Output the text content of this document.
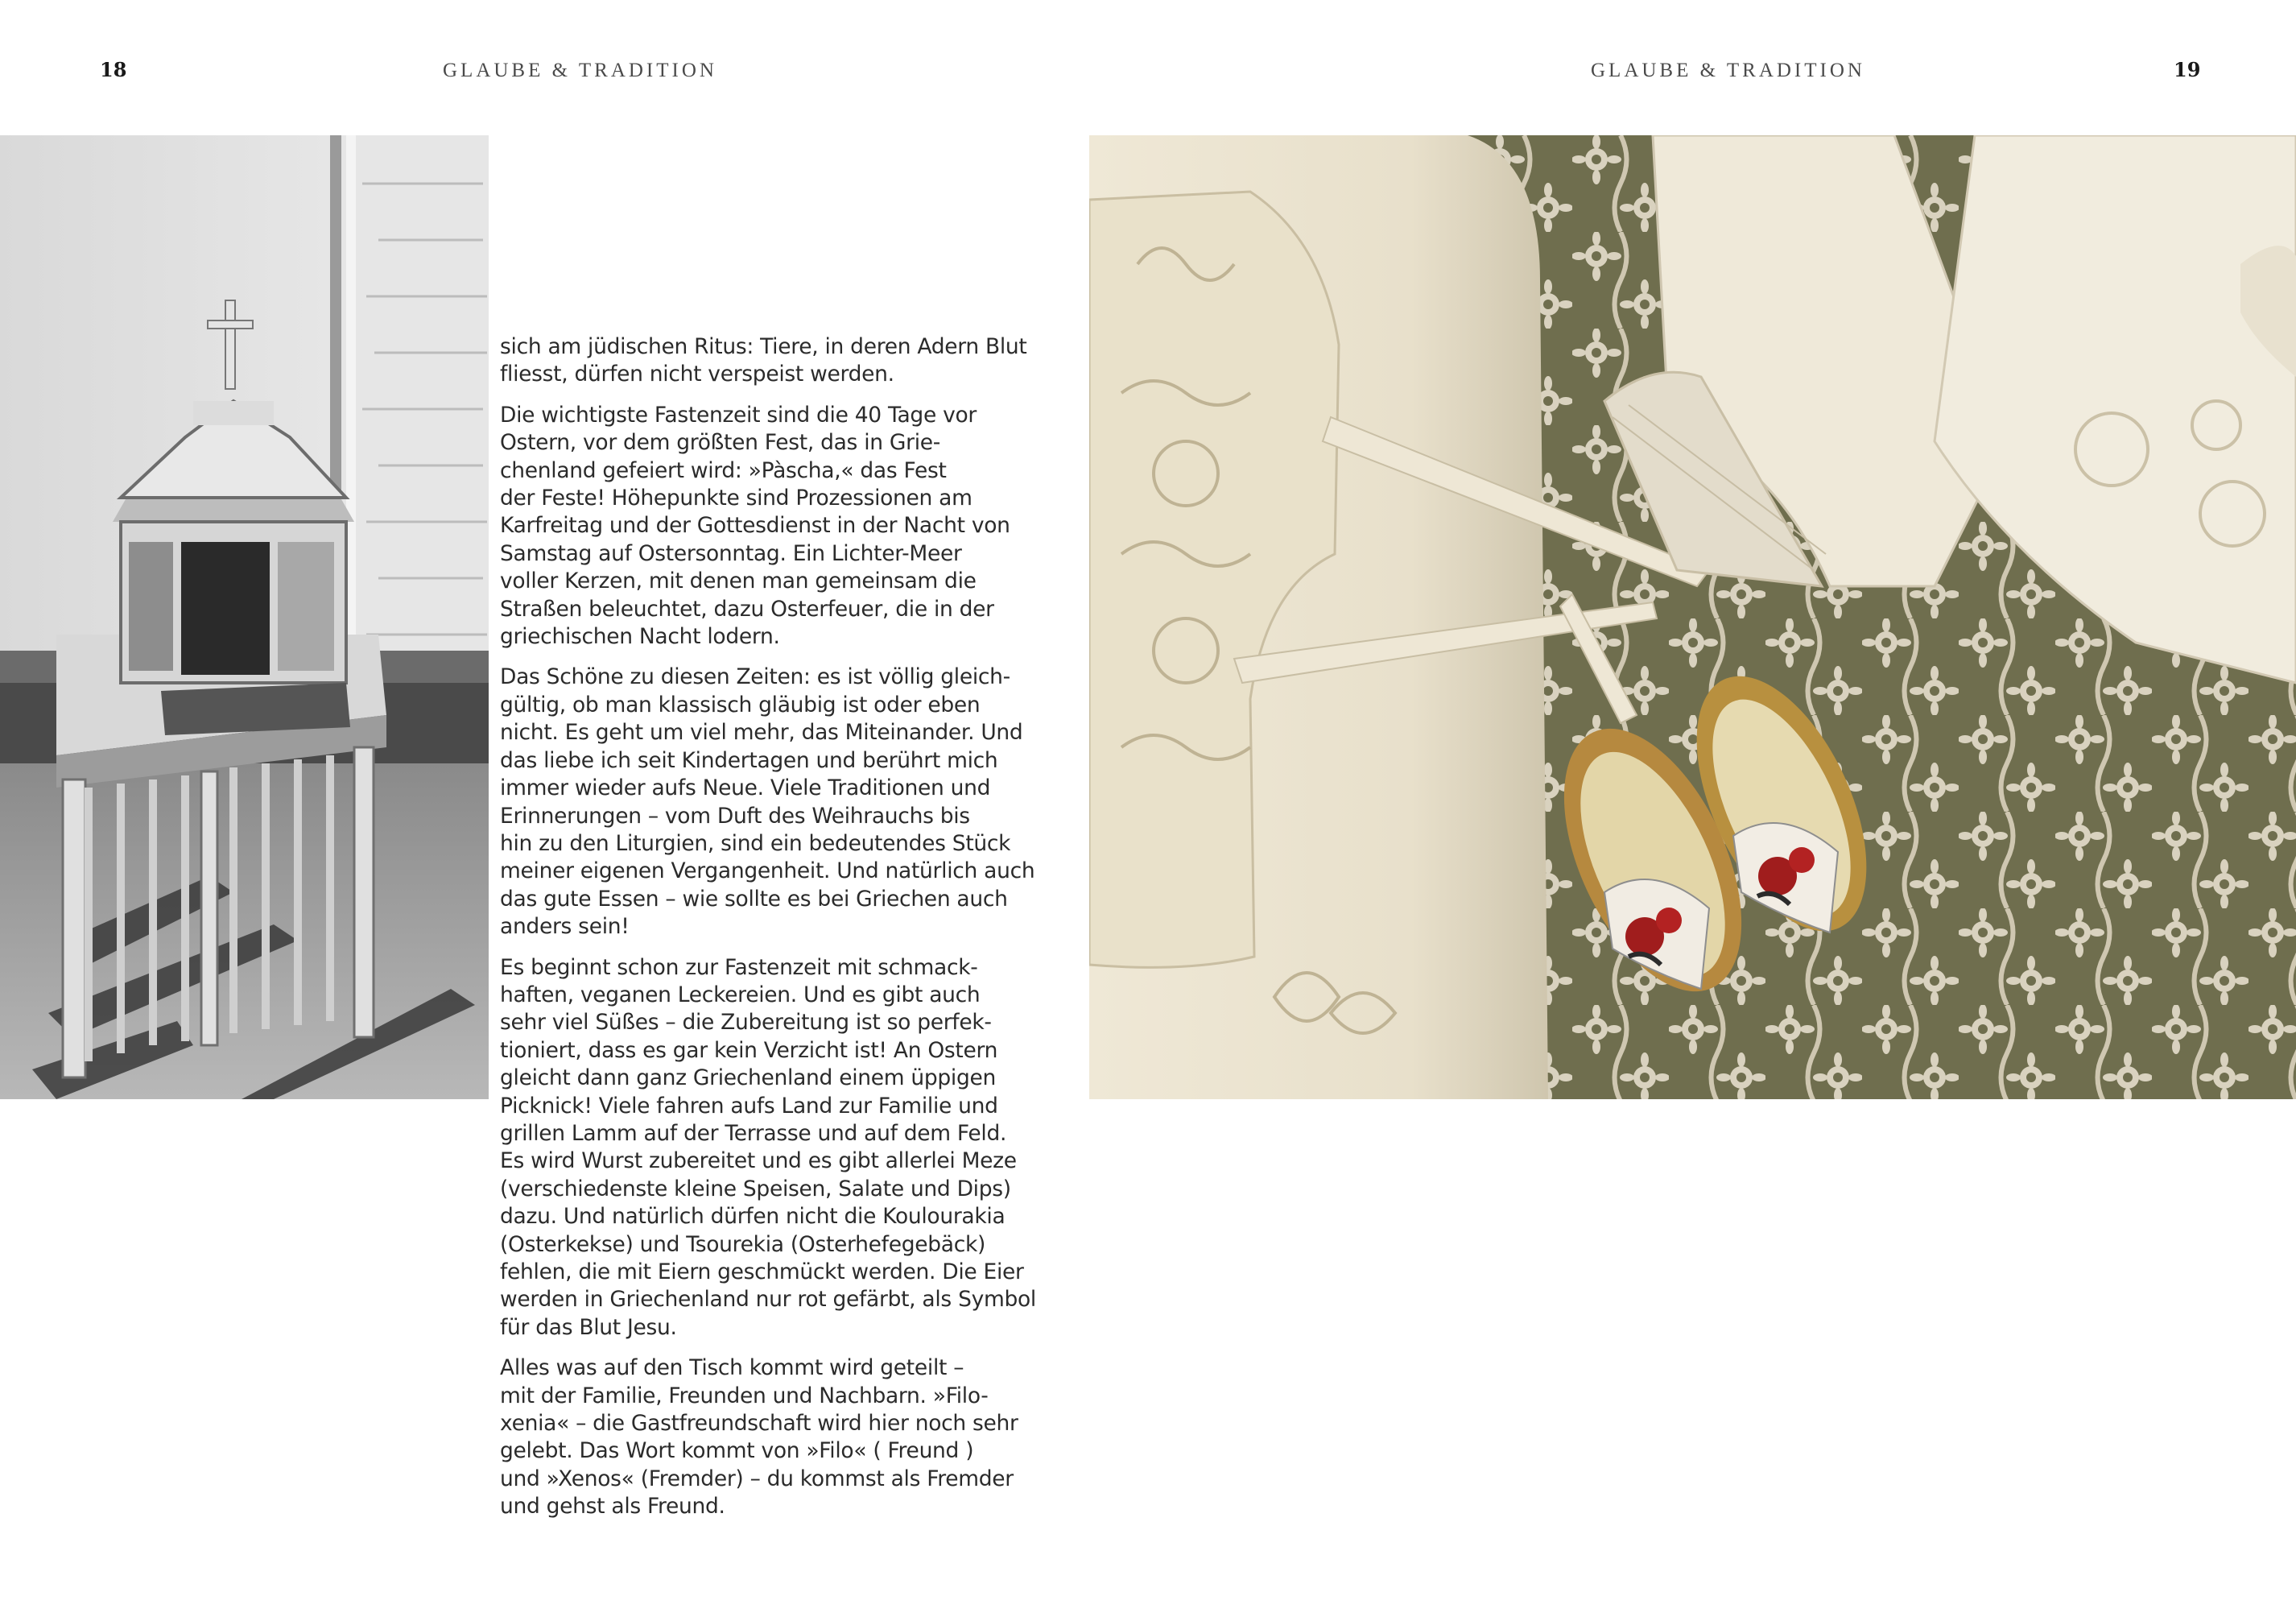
18	GLAUBE & TRADITION	GLAUBE & TRADITION	19

sich am jüdischen Ritus: Tiere, in deren Adern Blut
fliesst, dürfen nicht verspeist werden.

Die wichtigste Fastenzeit sind die 40 Tage vor
Ostern, vor dem größten Fest, das in Grie-
chenland gefeiert wird: »Pàscha,« das Fest
der Feste! Höhepunkte sind Prozessionen am
Karfreitag und der Gottesdienst in der Nacht von
Samstag auf Ostersonntag. Ein Lichter-Meer
voller Kerzen, mit denen man gemeinsam die
Straßen beleuchtet, dazu Osterfeuer, die in der
griechischen Nacht lodern.

Das Schöne zu diesen Zeiten: es ist völlig gleich-
gültig, ob man klassisch gläubig ist oder eben
nicht. Es geht um viel mehr, das Miteinander. Und
das liebe ich seit Kindertagen und berührt mich
immer wieder aufs Neue. Viele Traditionen und
Erinnerungen – vom Duft des Weihrauchs bis
hin zu den Liturgien, sind ein bedeutendes Stück
meiner eigenen Vergangenheit. Und natürlich auch
das gute Essen – wie sollte es bei Griechen auch
anders sein!

Es beginnt schon zur Fastenzeit mit schmack-
haften, veganen Leckereien. Und es gibt auch
sehr viel Süßes – die Zubereitung ist so perfek-
tioniert, dass es gar kein Verzicht ist! An Ostern
gleicht dann ganz Griechenland einem üppigen
Picknick! Viele fahren aufs Land zur Familie und
grillen Lamm auf der Terrasse und auf dem Feld.
Es wird Wurst zubereitet und es gibt allerlei Meze
(verschiedenste kleine Speisen, Salate und Dips)
dazu. Und natürlich dürfen nicht die Koulourakia
(Osterkekse) und Tsourekia (Osterhefegebäck)
fehlen, die mit Eiern geschmückt werden. Die Eier
werden in Griechenland nur rot gefärbt, als Symbol
für das Blut Jesu.

Alles was auf den Tisch kommt wird geteilt –
mit der Familie, Freunden und Nachbarn. »Filo-
xenia« – die Gastfreundschaft wird hier noch sehr
gelebt. Das Wort kommt von »Filo« ( Freund )
und »Xenos« (Fremder) – du kommst als Fremder
und gehst als Freund.
